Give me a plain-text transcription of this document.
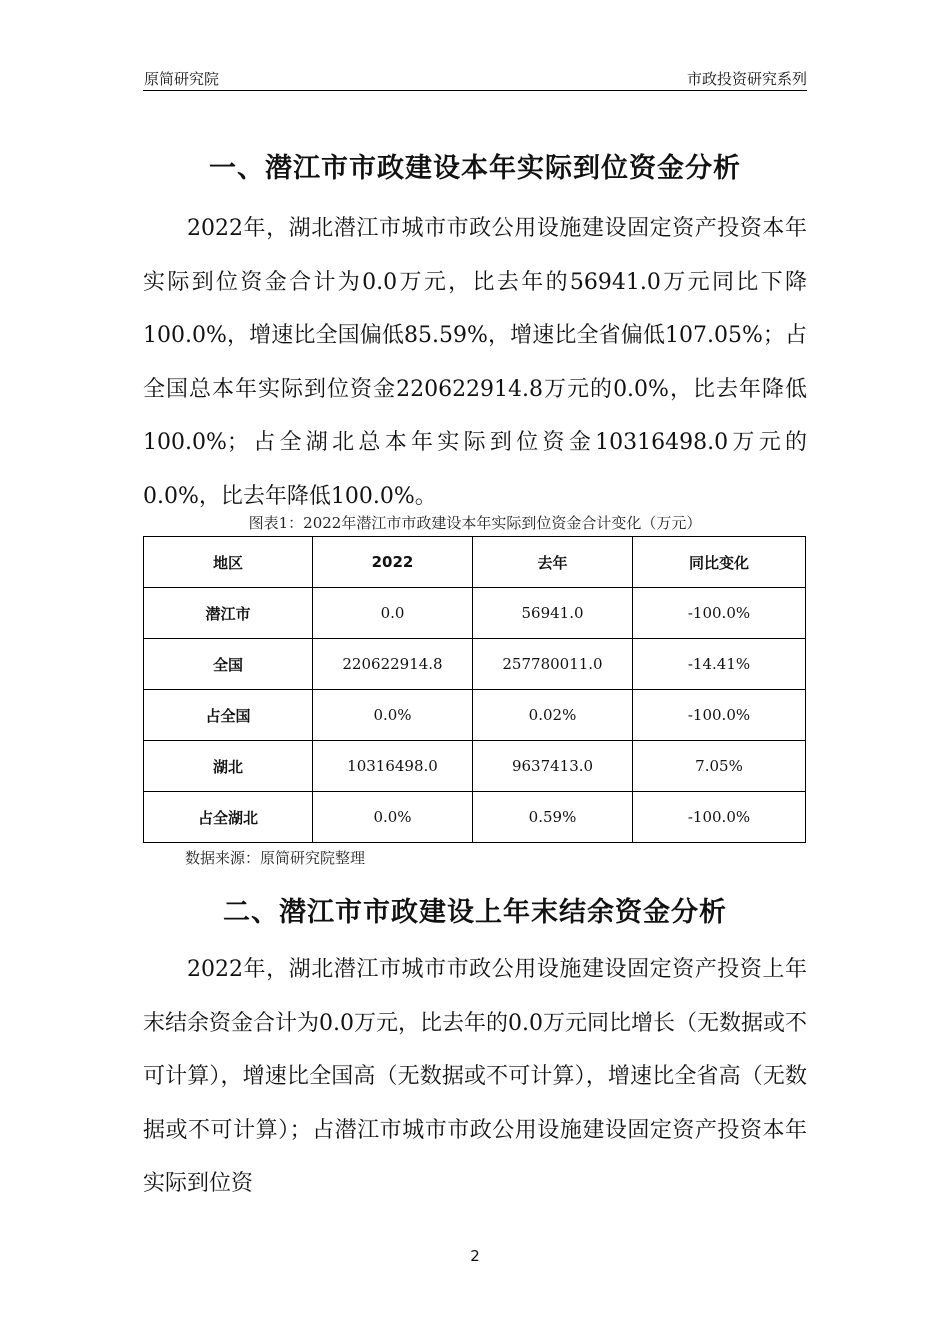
原简研究院	市政投资研究系列
一、潜江市市政建设本年实际到位资金分析

2022年，湖北潜江市城市市政公用设施建设固定资产投资本年实际到位资金合计为0.0万元，比去年的56941.0万元同比下降100.0%，增速比全国偏低85.59%，增速比全省偏低107.05%；占全国总本年实际到位资金220622914.8万元的0.0%，比去年降低100.0%；占全湖北总本年实际到位资金10316498.0万元的0.0%，比去年降低100.0%。

图表1：2022年潜江市市政建设本年实际到位资金合计变化（万元）
地区	2022	去年	同比变化
潜江市	0.0	56941.0	-100.0%
全国	220622914.8	257780011.0	-14.41%
占全国	0.0%	0.02%	-100.0%
湖北	10316498.0	9637413.0	7.05%
占全湖北	0.0%	0.59%	-100.0%
数据来源：原简研究院整理
二、潜江市市政建设上年末结余资金分析

2022年，湖北潜江市城市市政公用设施建设固定资产投资上年末结余资金合计为0.0万元，比去年的0.0万元同比增长（无数据或不可计算），增速比全国高（无数据或不可计算），增速比全省高（无数据或不可计算）；占潜江市城市市政公用设施建设固定资产投资本年实际到位资

2
